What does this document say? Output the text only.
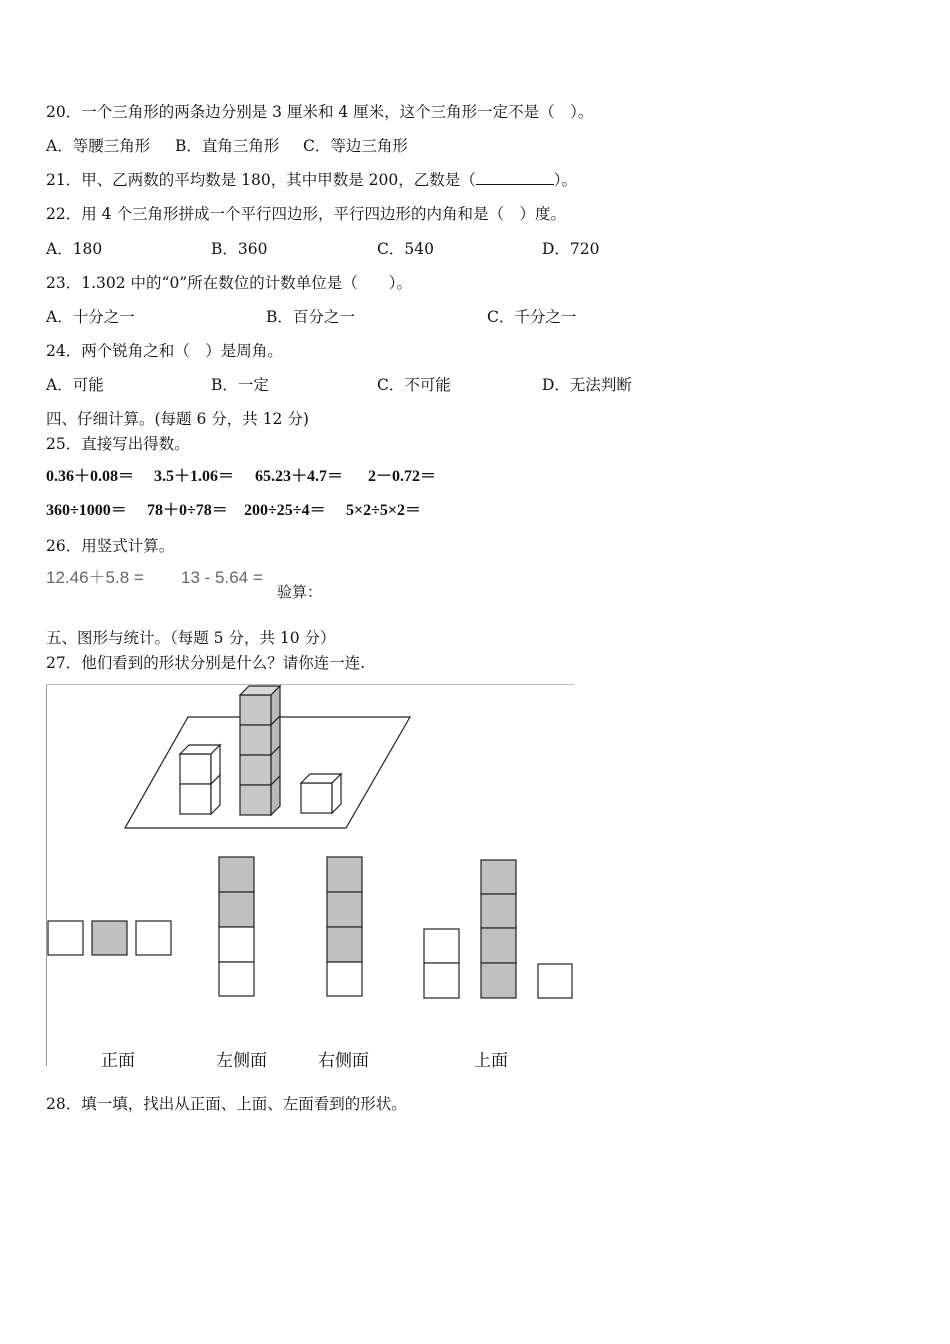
20．一个三角形的两条边分别是 3 厘米和 4 厘米，这个三角形一定不是（　）。
A．等腰三角形 B．直角三角形 C．等边三角形
21．甲、乙两数的平均数是 180，其中甲数是 200，乙数是（	）。
22．用 4 个三角形拼成一个平行四边形，平行四边形的内角和是（　）度。
A．180	B．360	C．540	D．720
23．1.302 中的“0”所在数位的计数单位是（　　）。
A．十分之一	B．百分之一	C．千分之一
24．两个锐角之和（　）是周角。
A．可能	B．一定	C．不可能	D．无法判断
四、仔细计算。(每题 6 分，共 12 分)
25．直接写出得数。
0.36＋0.08＝ 3.5＋1.06＝ 65.23＋4.7＝ 2－0.72＝
360÷1000＝ 78＋0÷78＝ 200÷25÷4＝ 5×2÷5×2＝
26．用竖式计算。
12.46＋5.8 = 13 - 5.64 =
验算：
五、图形与统计。（每题 5 分，共 10 分）
27．他们看到的形状分别是什么？请你连一连.
正面	左侧面	右侧面	上面
28．填一填，找出从正面、上面、左面看到的形状。
